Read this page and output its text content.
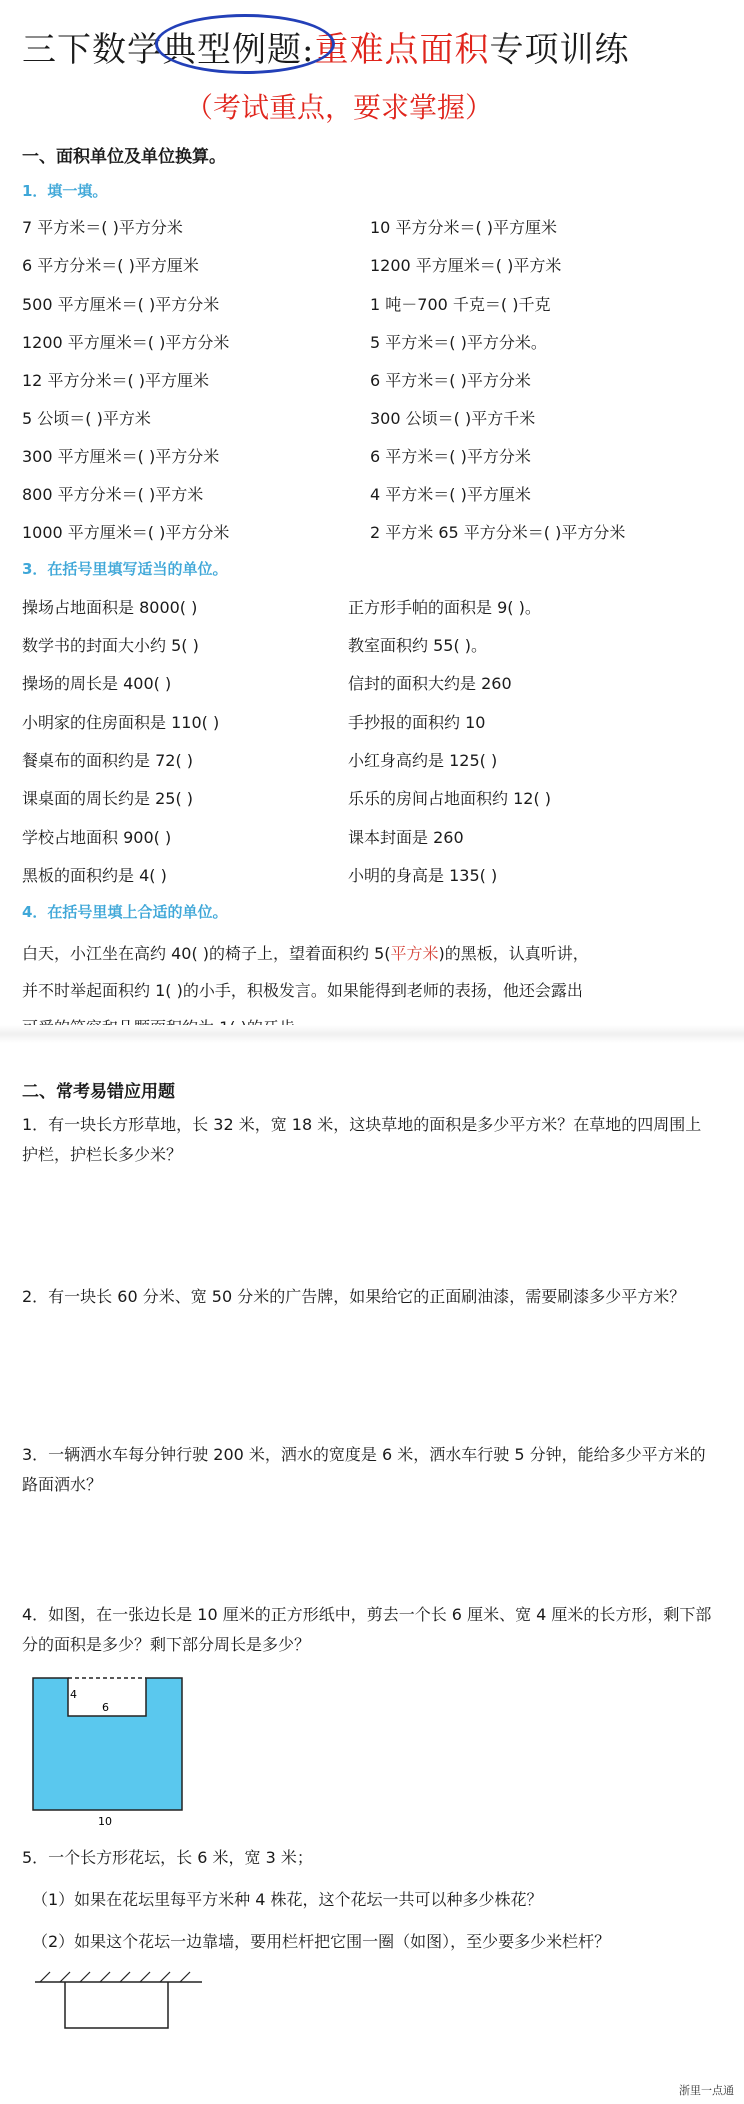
三下数学典型例题:重难点面积专项训练
（考试重点，要求掌握）
一、面积单位及单位换算。
1．填一填。
7 平方米＝( )平方分米	10 平方分米＝( )平方厘米
6 平方分米＝( )平方厘米	1200 平方厘米＝( )平方米
500 平方厘米＝( )平方分米	1 吨－700 千克＝( )千克
1200 平方厘米＝( )平方分米	5 平方米＝( )平方分米。
12 平方分米＝( )平方厘米	6 平方米＝( )平方分米
5 公顷＝( )平方米	300 公顷＝( )平方千米
300 平方厘米＝( )平方分米	6 平方米＝( )平方分米
800 平方分米＝( )平方米	4 平方米＝( )平方厘米
1000 平方厘米＝( )平方分米	2 平方米 65 平方分米＝( )平方分米
3．在括号里填写适当的单位。
操场占地面积是 8000( )	正方形手帕的面积是 9( )。
数学书的封面大小约 5( )	教室面积约 55( )。
操场的周长是 400( )	信封的面积大约是 260
小明家的住房面积是 110( )	手抄报的面积约 10
餐桌布的面积约是 72( )	小红身高约是 125( )
课桌面的周长约是 25( )	乐乐的房间占地面积约 12( )
学校占地面积 900( )	课本封面是 260
黑板的面积约是 4( )	小明的身高是 135( )
4．在括号里填上合适的单位。
白天，小江坐在高约 40( )的椅子上，望着面积约 5(平方米)的黑板，认真听讲，
并不时举起面积约 1( )的小手，积极发言。如果能得到老师的表扬，他还会露出
二、常考易错应用题
1．有一块长方形草地，长 32 米，宽 18 米，这块草地的面积是多少平方米？在草地的四周围上护栏，护栏长多少米？
2．有一块长 60 分米、宽 50 分米的广告牌，如果给它的正面刷油漆，需要刷漆多少平方米？
3．一辆洒水车每分钟行驶 200 米，洒水的宽度是 6 米，洒水车行驶 5 分钟，能给多少平方米的路面洒水？
4．如图，在一张边长是 10 厘米的正方形纸中，剪去一个长 6 厘米、宽 4 厘米的长方形，剩下部分的面积是多少？剩下部分周长是多少？
4
6
10
5．一个长方形花坛，长 6 米，宽 3 米；
（1）如果在花坛里每平方米种 4 株花，这个花坛一共可以种多少株花？
（2）如果这个花坛一边靠墙，要用栏杆把它围一圈（如图），至少要多少米栏杆？
浙里一点通
